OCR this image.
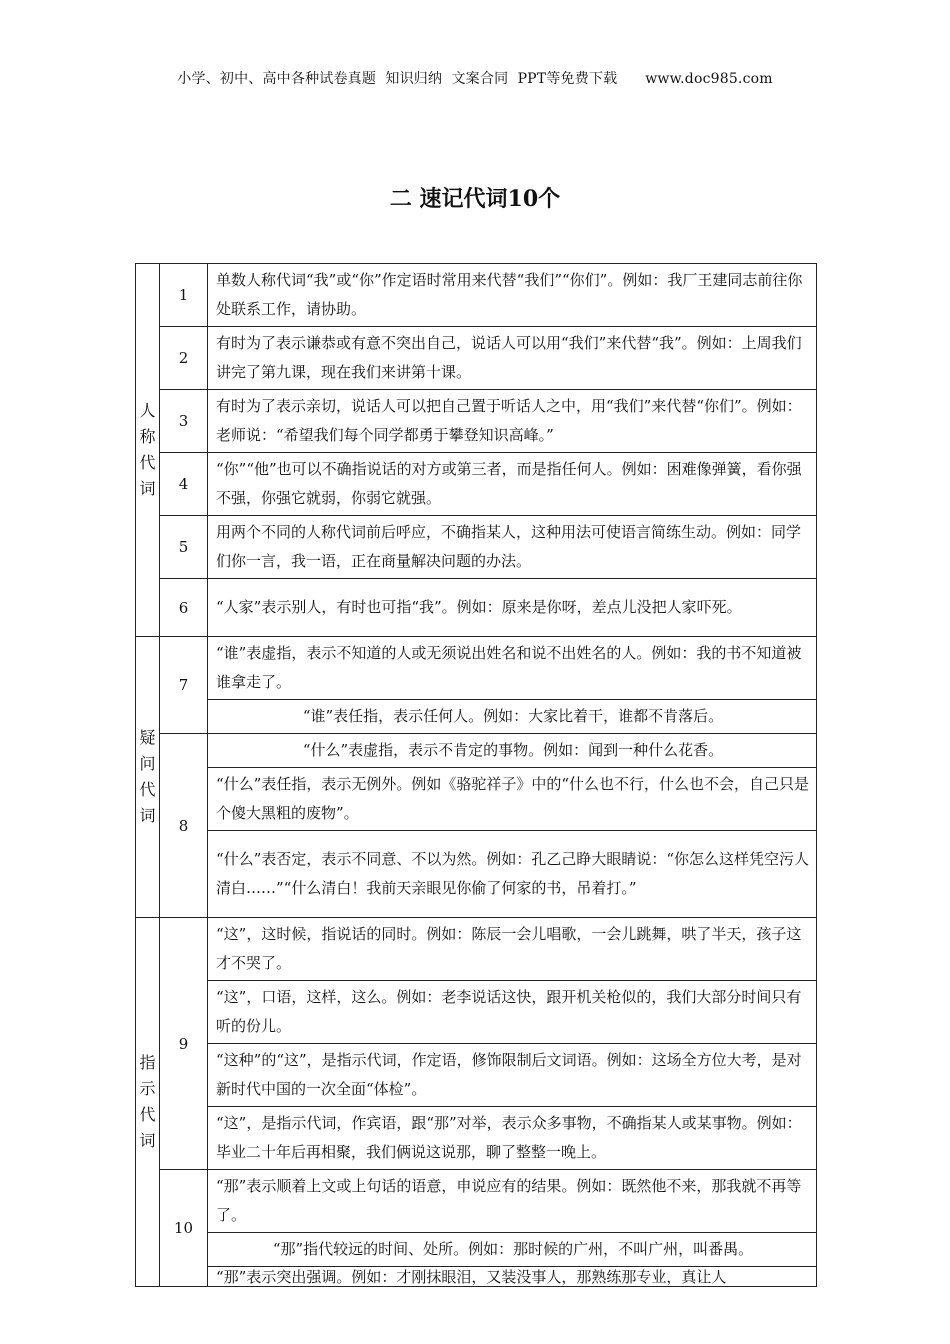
小学、初中、高中各种试卷真题  知识归纳  文案合同  PPT等免费下载      www.doc985.com
二 速记代词10个
人
称
代
词	1	单数人称代词“我”或“你”作定语时常用来代替“我们”“你们”。例如：我厂王建同志前往你处联系工作，请协助。
	2	有时为了表示谦恭或有意不突出自己，说话人可以用“我们”来代替“我”。例如：上周我们讲完了第九课，现在我们来讲第十课。
	3	有时为了表示亲切，说话人可以把自己置于听话人之中，用“我们”来代替“你们”。例如：老师说：“希望我们每个同学都勇于攀登知识高峰。”
	4	“你”“他”也可以不确指说话的对方或第三者，而是指任何人。例如：困难像弹簧，看你强不强，你强它就弱，你弱它就强。
	5	用两个不同的人称代词前后呼应，不确指某人，这种用法可使语言简练生动。例如：同学们你一言，我一语，正在商量解决问题的办法。
	6	“人家”表示别人，有时也可指“我”。例如：原来是你呀，差点儿没把人家吓死。

疑
问
代
词	7	“谁”表虚指，表示不知道的人或无须说出姓名和说不出姓名的人。例如：我的书不知道被谁拿走了。
		“谁”表任指，表示任何人。例如：大家比着干，谁都不肯落后。
	8	“什么”表虚指，表示不肯定的事物。例如：闻到一种什么花香。
		“什么”表任指，表示无例外。例如《骆驼祥子》中的“什么也不行，什么也不会，自己只是个傻大黑粗的废物”。
		“什么”表否定，表示不同意、不以为然。例如：孔乙己睁大眼睛说：“你怎么这样凭空污人清白……”“什么清白！我前天亲眼见你偷了何家的书，吊着打。”

指
示
代
词	9	“这”，这时候，指说话的同时。例如：陈辰一会儿唱歌，一会儿跳舞，哄了半天，孩子这才不哭了。
		“这”，口语，这样，这么。例如：老李说话这快，跟开机关枪似的，我们大部分时间只有听的份儿。
		“这种”的“这”，是指示代词，作定语，修饰限制后文词语。例如：这场全方位大考，是对新时代中国的一次全面“体检”。
		“这”，是指示代词，作宾语，跟“那”对举，表示众多事物，不确指某人或某事物。例如：毕业二十年后再相聚，我们俩说这说那，聊了整整一晚上。
	10	“那”表示顺着上文或上句话的语意，申说应有的结果。例如：既然他不来，那我就不再等了。
		“那”指代较远的时间、处所。例如：那时候的广州，不叫广州，叫番禺。
		“那”表示突出强调。例如：才刚抹眼泪，又装没事人，那熟练那专业，真让人
